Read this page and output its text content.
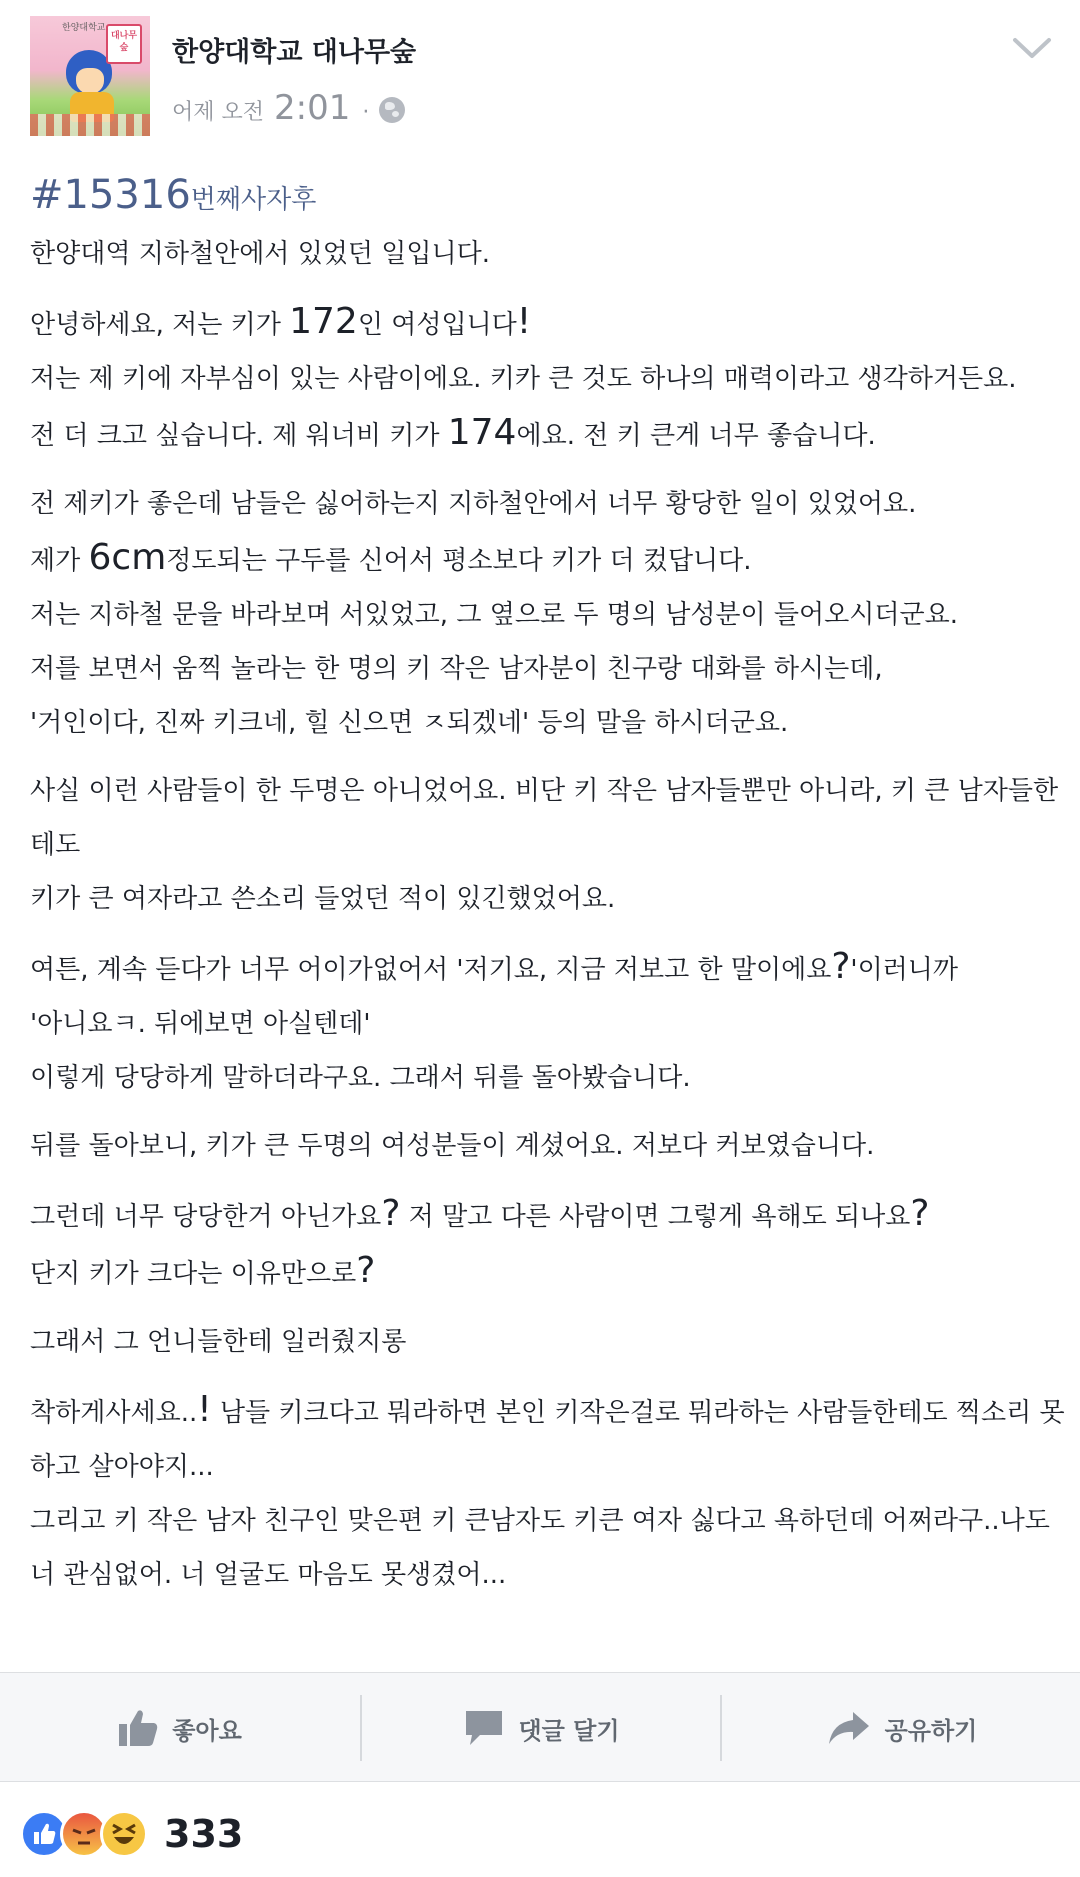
한양대학교
대나무숲	한양대학교 대나무숲
어제 오전 2:01 ·
#15316번째사자후
한양대역 지하철안에서 있었던 일입니다.
안녕하세요, 저는 키가 172인 여성입니다!
저는 제 키에 자부심이 있는 사람이에요. 키카 큰 것도 하나의 매력이라고 생각하거든요.
전 더 크고 싶습니다. 제 워너비 키가 174에요. 전 키 큰게 너무 좋습니다.
전 제키가 좋은데 남들은 싫어하는지 지하철안에서 너무 황당한 일이 있었어요.
제가 6cm정도되는 구두를 신어서 평소보다 키가 더 컸답니다.
저는 지하철 문을 바라보며 서있었고, 그 옆으로 두 명의 남성분이 들어오시더군요.
저를 보면서 움찍 놀라는 한 명의 키 작은 남자분이 친구랑 대화를 하시는데,
'거인이다, 진짜 키크네, 힐 신으면 ㅈ되겠네' 등의 말을 하시더군요.
사실 이런 사람들이 한 두명은 아니었어요. 비단 키 작은 남자들뿐만 아니라, 키 큰 남자들한
테도
키가 큰 여자라고 쓴소리 들었던 적이 있긴했었어요.
여튼, 계속 듣다가 너무 어이가없어서 '저기요, 지금 저보고 한 말이에요?'이러니까
'아니요ㅋ. 뒤에보면 아실텐데'
이렇게 당당하게 말하더라구요. 그래서 뒤를 돌아봤습니다.
뒤를 돌아보니, 키가 큰 두명의 여성분들이 계셨어요. 저보다 커보였습니다.
그런데 너무 당당한거 아닌가요? 저 말고 다른 사람이면 그렇게 욕해도 되나요?
단지 키가 크다는 이유만으로?
그래서 그 언니들한테 일러줬지롱
착하게사세요..! 남들 키크다고 뭐라하면 본인 키작은걸로 뭐라하는 사람들한테도 찍소리 못
하고 살아야지...
그리고 키 작은 남자 친구인 맞은편 키 큰남자도 키큰 여자 싫다고 욕하던데 어쩌라구..나도
너 관심없어. 너 얼굴도 마음도 못생겼어...
좋아요	댓글 달기	공유하기
333
